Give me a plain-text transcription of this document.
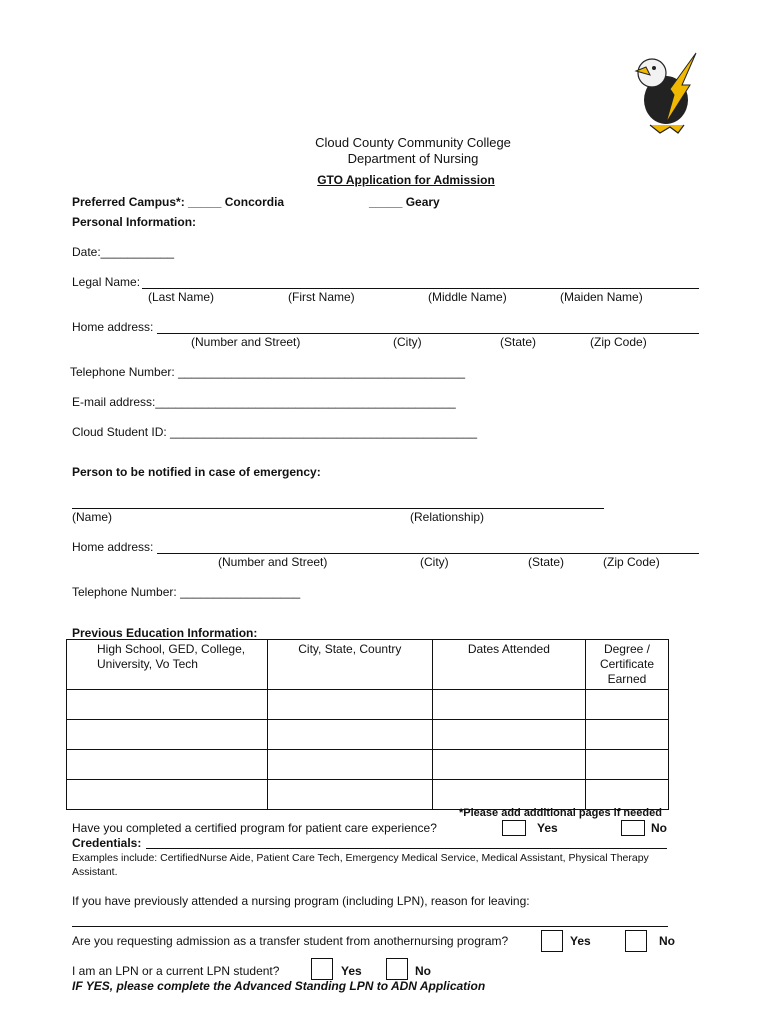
Cloud County Community College
Department of Nursing
GTO Application for Admission
Preferred Campus*: _____ Concordia	_____ Geary
Personal Information:
Date:___________
Legal Name:
(Last Name)	(First Name)	(Middle Name)	(Maiden Name)
Home address:
(Number and Street)	(City)	(State)	(Zip Code)
Telephone Number: ___________________________________________
E-mail address:_____________________________________________
Cloud Student ID: ______________________________________________
Person to be notified in case of emergency:
(Name)	(Relationship)
Home address:
(Number and Street)	(City)	(State)	(Zip Code)
Telephone Number: __________________
Previous Education Information:
High School, GED, College, University, Vo Tech	City, State, Country	Dates Attended	Degree / Certificate Earned

*Please add additional pages if needed
Have you completed a certified program for patient care experience?	Yes	No
Credentials:
Examples include: CertifiedNurse Aide, Patient Care Tech, Emergency Medical Service, Medical Assistant, Physical Therapy Assistant.
If you have previously attended a nursing program (including LPN), reason for leaving:
Are you requesting admission as a transfer student from anothernursing program?	Yes	No
I am an LPN or a current LPN student?	Yes	No
IF YES, please complete the Advanced Standing LPN to ADN Application
